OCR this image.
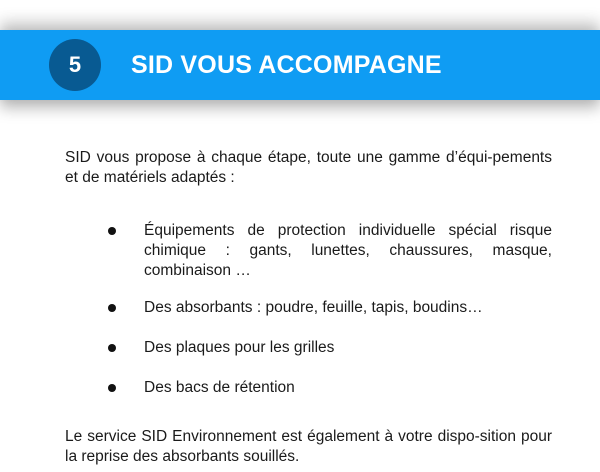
5	SID VOUS ACCOMPAGNE

SID vous propose à chaque étape, toute une gamme d’équi-pements et de matériels adaptés :

Équipements de protection individuelle spécial risque chimique : gants, lunettes, chaussures, masque, combinaison …
Des absorbants : poudre, feuille, tapis, boudins…
Des plaques pour les grilles
Des bacs de rétention

Le service SID Environnement est également à votre dispo-sition pour la reprise des absorbants souillés.
